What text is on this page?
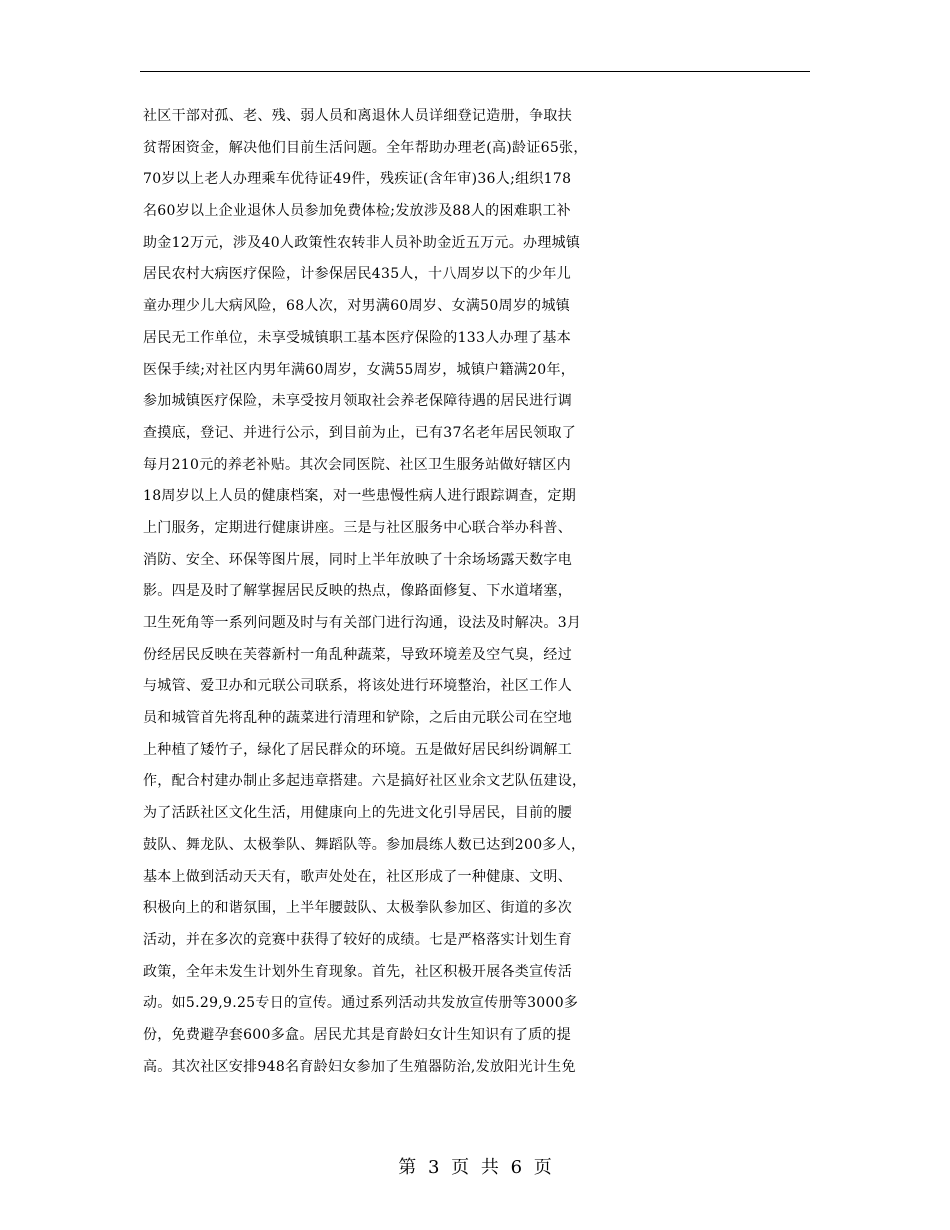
社区干部对孤、老、残、弱人员和离退休人员详细登记造册，争取扶
贫帮困资金，解决他们目前生活问题。全年帮助办理老(高)龄证65张，
70岁以上老人办理乘车优待证49件，残疾证(含年审)36人;组织178
名60岁以上企业退休人员参加免费体检;发放涉及88人的困难职工补
助金12万元，涉及40人政策性农转非人员补助金近五万元。办理城镇
居民农村大病医疗保险，计参保居民435人，十八周岁以下的少年儿
童办理少儿大病风险，68人次，对男满60周岁、女满50周岁的城镇
居民无工作单位，未享受城镇职工基本医疗保险的133人办理了基本
医保手续;对社区内男年满60周岁，女满55周岁，城镇户籍满20年，
参加城镇医疗保险，未享受按月领取社会养老保障待遇的居民进行调
查摸底，登记、并进行公示，到目前为止，已有37名老年居民领取了
每月210元的养老补贴。其次会同医院、社区卫生服务站做好辖区内
18周岁以上人员的健康档案，对一些患慢性病人进行跟踪调查，定期
上门服务，定期进行健康讲座。三是与社区服务中心联合举办科普、
消防、安全、环保等图片展，同时上半年放映了十余场场露天数字电
影。四是及时了解掌握居民反映的热点，像路面修复、下水道堵塞，
卫生死角等一系列问题及时与有关部门进行沟通，设法及时解决。3月
份经居民反映在芙蓉新村一角乱种蔬菜，导致环境差及空气臭，经过
与城管、爱卫办和元联公司联系，将该处进行环境整治，社区工作人
员和城管首先将乱种的蔬菜进行清理和铲除，之后由元联公司在空地
上种植了矮竹子，绿化了居民群众的环境。五是做好居民纠纷调解工
作，配合村建办制止多起违章搭建。六是搞好社区业余文艺队伍建设，
为了活跃社区文化生活，用健康向上的先进文化引导居民，目前的腰
鼓队、舞龙队、太极拳队、舞蹈队等。参加晨练人数已达到200多人，
基本上做到活动天天有，歌声处处在，社区形成了一种健康、文明、
积极向上的和谐氛围，上半年腰鼓队、太极拳队参加区、街道的多次
活动，并在多次的竞赛中获得了较好的成绩。七是严格落实计划生育
政策，全年未发生计划外生育现象。首先，社区积极开展各类宣传活
动。如5.29,9.25专日的宣传。通过系列活动共发放宣传册等3000多
份，免费避孕套600多盒。居民尤其是育龄妇女计生知识有了质的提
高。其次社区安排948名育龄妇女参加了生殖器防治,发放阳光计生免
第 3 页 共 6 页
